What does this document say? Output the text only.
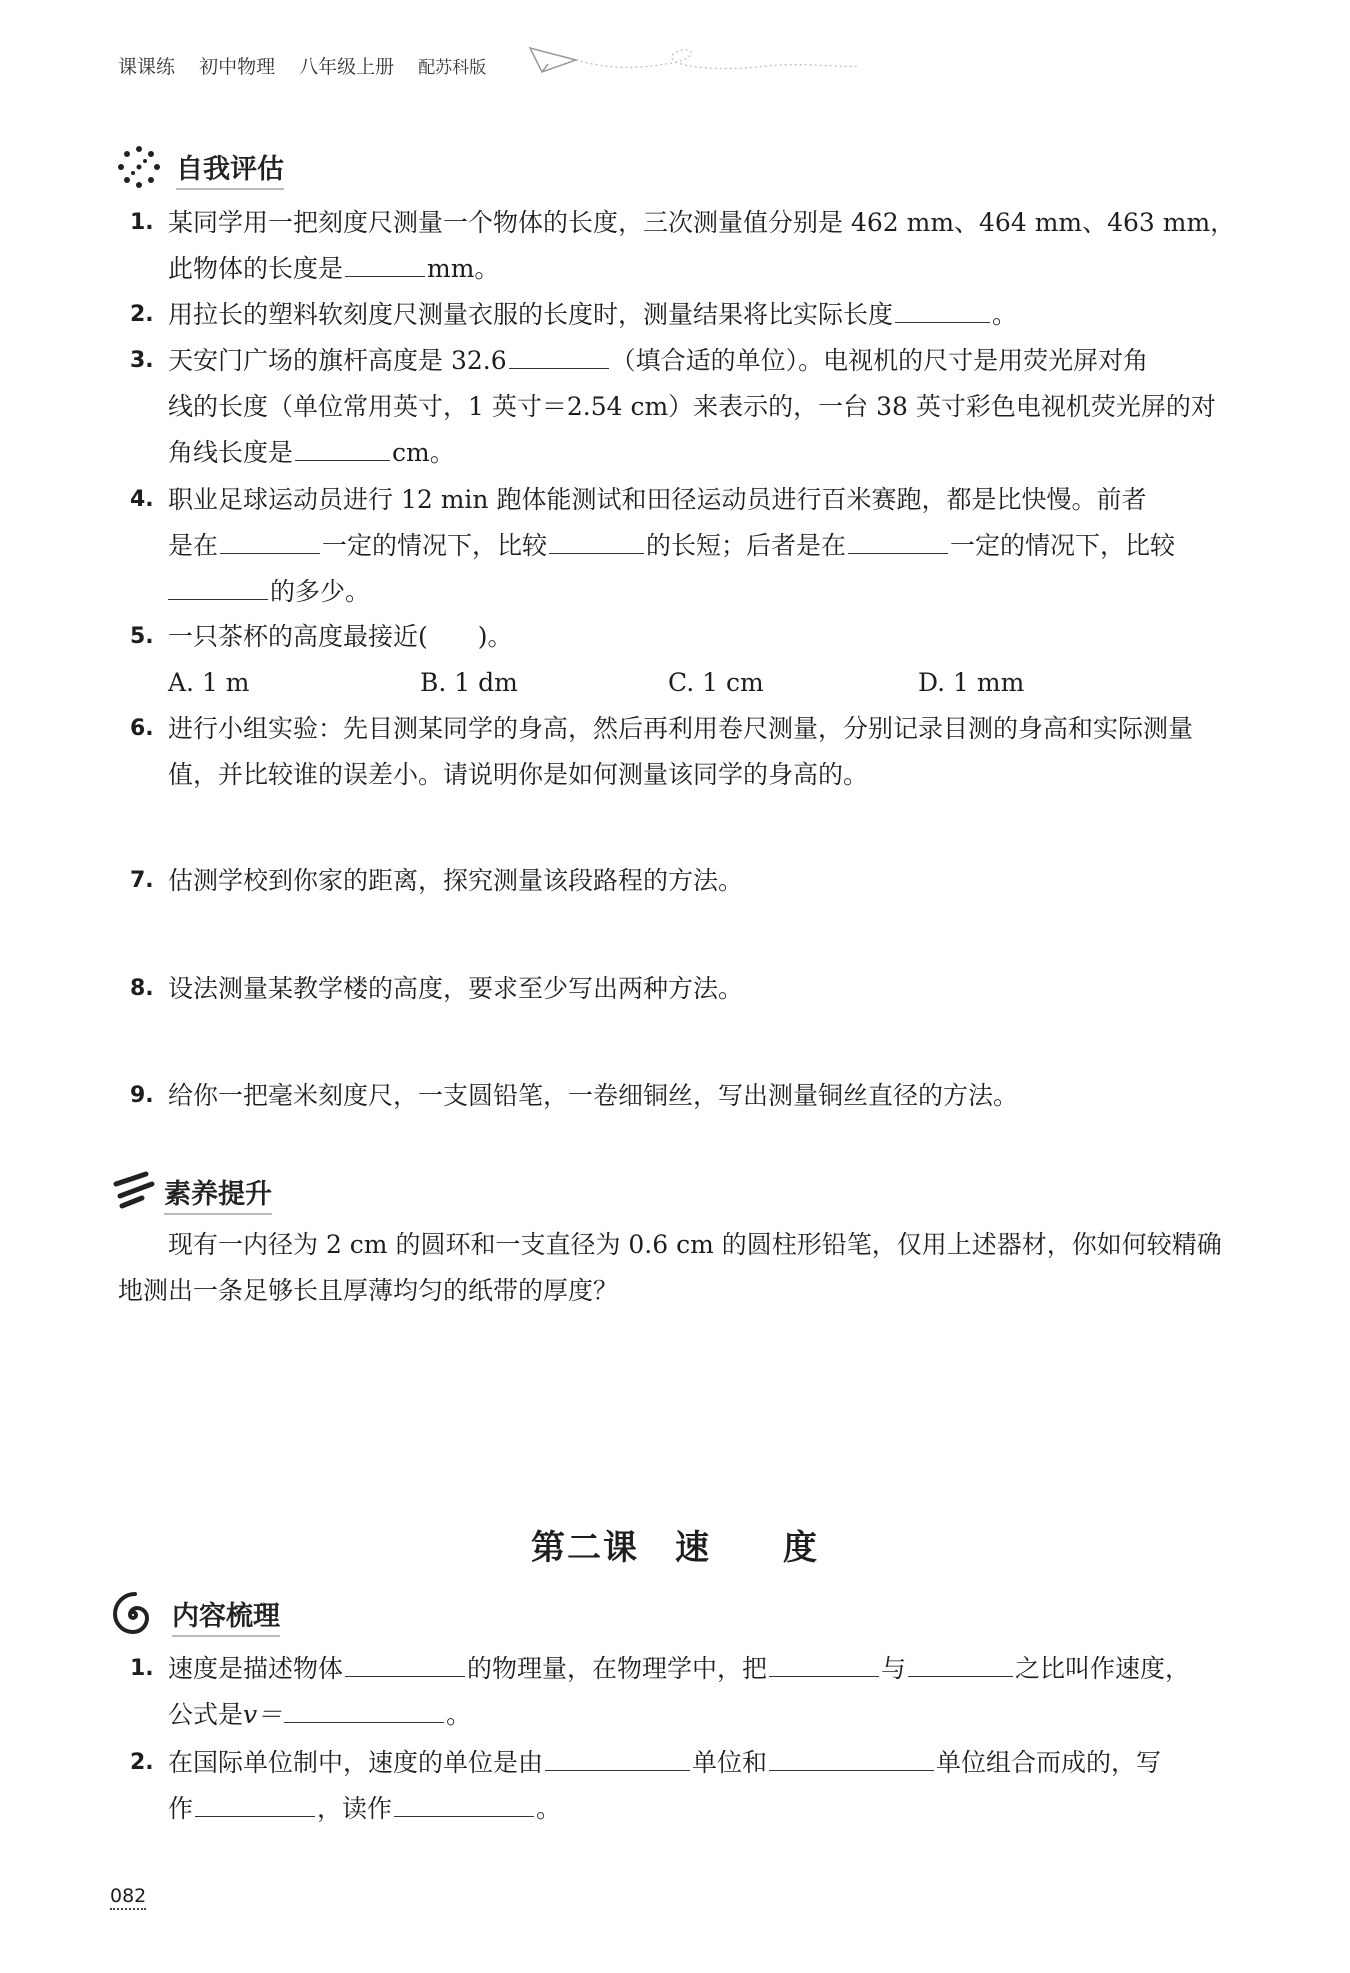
课课练 初中物理 八年级上册 配苏科版
自我评估
1. 某同学用一把刻度尺测量一个物体的长度，三次测量值分别是 462 mm、464 mm、463 mm，
此物体的长度是	mm。
2. 用拉长的塑料软刻度尺测量衣服的长度时，测量结果将比实际长度	。
3. 天安门广场的旗杆高度是 32.6	（填合适的单位）。电视机的尺寸是用荧光屏对角
线的长度（单位常用英寸，1 英寸＝2.54 cm）来表示的，一台 38 英寸彩色电视机荧光屏的对
角线长度是	cm。
4. 职业足球运动员进行 12 min 跑体能测试和田径运动员进行百米赛跑，都是比快慢。前者
是在	一定的情况下，比较	的长短；后者是在	一定的情况下，比较
的多少。
5. 一只茶杯的高度最接近(　　)。
A. 1 m	B. 1 dm	C. 1 cm	D. 1 mm
6. 进行小组实验：先目测某同学的身高，然后再利用卷尺测量，分别记录目测的身高和实际测量值，并比较谁的误差小。请说明你是如何测量该同学的身高的。
7. 估测学校到你家的距离，探究测量该段路程的方法。
8. 设法测量某教学楼的高度，要求至少写出两种方法。
9. 给你一把毫米刻度尺，一支圆铅笔，一卷细铜丝，写出测量铜丝直径的方法。
素养提升
现有一内径为 2 cm 的圆环和一支直径为 0.6 cm 的圆柱形铅笔，仅用上述器材，你如何较精确地测出一条足够长且厚薄均匀的纸带的厚度？
第二课　速　　度
内容梳理
1. 速度是描述物体	的物理量，在物理学中，把	与	之比叫作速度，
公式是v＝	。
2. 在国际单位制中，速度的单位是由	单位和	单位组合而成的，写
作	，读作	。
082
